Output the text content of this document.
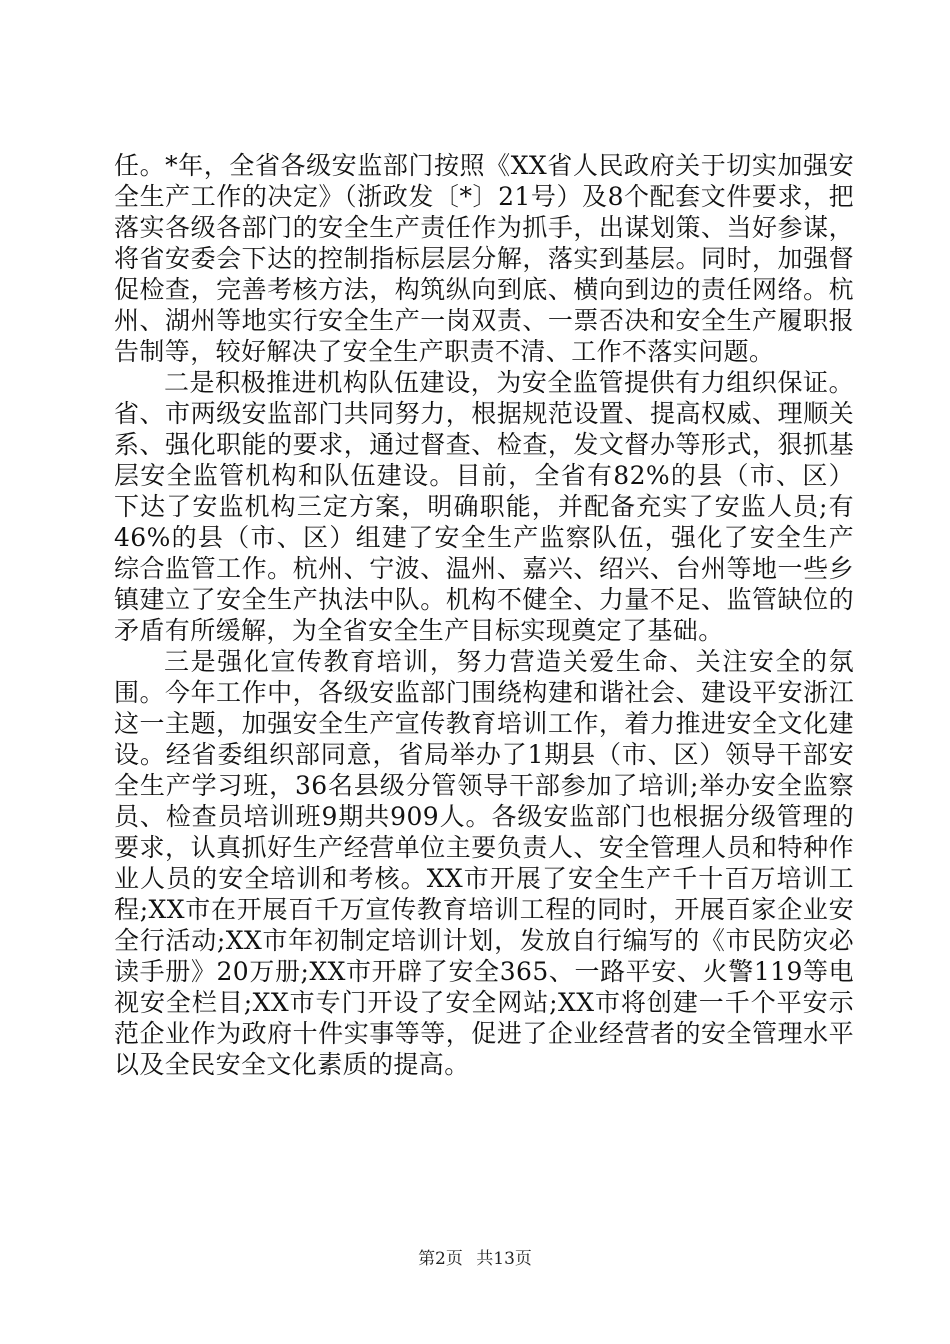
任。*年，全省各级安监部门按照《XX省人民政府关于切实加强安全生产工作的决定》（浙政发〔*〕21号）及8个配套文件要求，把落实各级各部门的安全生产责任作为抓手，出谋划策、当好参谋，将省安委会下达的控制指标层层分解，落实到基层。同时，加强督促检查，完善考核方法，构筑纵向到底、横向到边的责任网络。杭州、湖州等地实行安全生产一岗双责、一票否决和安全生产履职报告制等，较好解决了安全生产职责不清、工作不落实问题。

二是积极推进机构队伍建设，为安全监管提供有力组织保证。省、市两级安监部门共同努力，根据规范设置、提高权威、理顺关系、强化职能的要求，通过督查、检查，发文督办等形式，狠抓基层安全监管机构和队伍建设。目前，全省有82%的县（市、区）下达了安监机构三定方案，明确职能，并配备充实了安监人员;有46%的县（市、区）组建了安全生产监察队伍，强化了安全生产综合监管工作。杭州、宁波、温州、嘉兴、绍兴、台州等地一些乡镇建立了安全生产执法中队。机构不健全、力量不足、监管缺位的矛盾有所缓解，为全省安全生产目标实现奠定了基础。

三是强化宣传教育培训，努力营造关爱生命、关注安全的氛围。今年工作中，各级安监部门围绕构建和谐社会、建设平安浙江这一主题，加强安全生产宣传教育培训工作，着力推进安全文化建设。经省委组织部同意，省局举办了1期县（市、区）领导干部安全生产学习班，36名县级分管领导干部参加了培训;举办安全监察员、检查员培训班9期共909人。各级安监部门也根据分级管理的要求，认真抓好生产经营单位主要负责人、安全管理人员和特种作业人员的安全培训和考核。XX市开展了安全生产千十百万培训工程;XX市在开展百千万宣传教育培训工程的同时，开展百家企业安全行活动;XX市年初制定培训计划，发放自行编写的《市民防灾必读手册》20万册;XX市开辟了安全365、一路平安、火警119等电视安全栏目;XX市专门开设了安全网站;XX市将创建一千个平安示范企业作为政府十件实事等等，促进了企业经营者的安全管理水平以及全民安全文化素质的提高。

第2页 共13页
